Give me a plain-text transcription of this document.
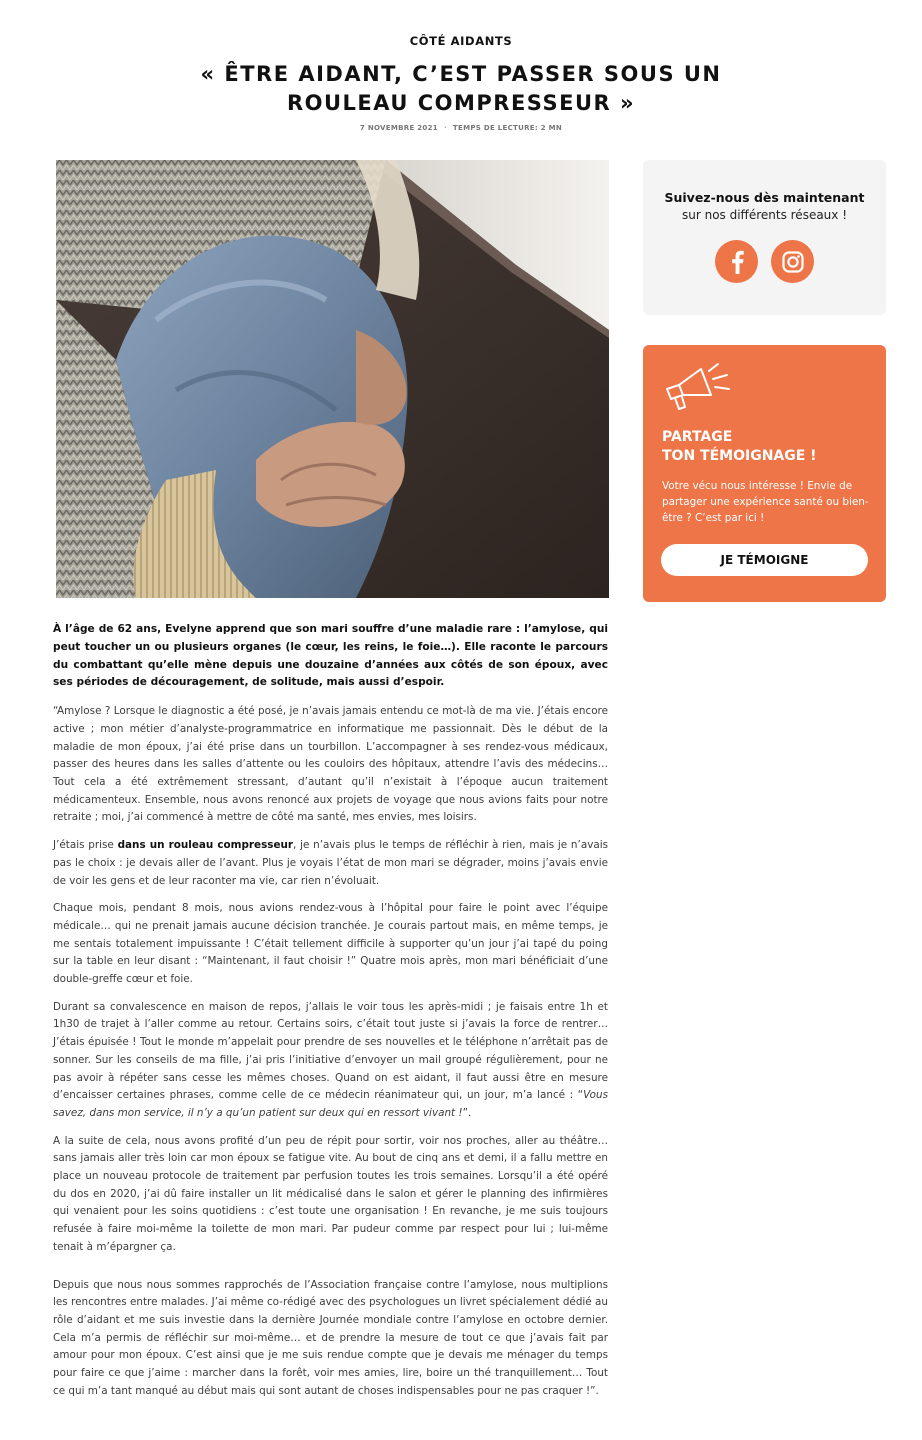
CÔTÉ AIDANTS
« ÊTRE AIDANT, C’EST PASSER SOUS UN ROULEAU COMPRESSEUR »
7 NOVEMBRE 2021 · TEMPS DE LECTURE: 2 MN

À l’âge de 62 ans, Evelyne apprend que son mari souffre d’une maladie rare : l’amylose, qui peut toucher un ou plusieurs organes (le cœur, les reins, le foie…). Elle raconte le parcours du combattant qu’elle mène depuis une douzaine d’années aux côtés de son époux, avec ses périodes de découragement, de solitude, mais aussi d’espoir.

“Amylose ? Lorsque le diagnostic a été posé, je n’avais jamais entendu ce mot-là de ma vie. J’étais encore active ; mon métier d’analyste-programmatrice en informatique me passionnait. Dès le début de la maladie de mon époux, j’ai été prise dans un tourbillon. L’accompagner à ses rendez-vous médicaux, passer des heures dans les salles d’attente ou les couloirs des hôpitaux, attendre l’avis des médecins… Tout cela a été extrêmement stressant, d’autant qu’il n’existait à l’époque aucun traitement médicamenteux. Ensemble, nous avons renoncé aux projets de voyage que nous avions faits pour notre retraite ; moi, j’ai commencé à mettre de côté ma santé, mes envies, mes loisirs.

J’étais prise dans un rouleau compresseur, je n’avais plus le temps de réfléchir à rien, mais je n’avais pas le choix : je devais aller de l’avant. Plus je voyais l’état de mon mari se dégrader, moins j’avais envie de voir les gens et de leur raconter ma vie, car rien n’évoluait.

Chaque mois, pendant 8 mois, nous avions rendez-vous à l’hôpital pour faire le point avec l’équipe médicale… qui ne prenait jamais aucune décision tranchée. Je courais partout mais, en même temps, je me sentais totalement impuissante ! C’était tellement difficile à supporter qu’un jour j’ai tapé du poing sur la table en leur disant : “Maintenant, il faut choisir !” Quatre mois après, mon mari bénéficiait d’une double-greffe cœur et foie.

Durant sa convalescence en maison de repos, j’allais le voir tous les après-midi ; je faisais entre 1h et 1h30 de trajet à l’aller comme au retour. Certains soirs, c’était tout juste si j’avais la force de rentrer… J’étais épuisée ! Tout le monde m’appelait pour prendre de ses nouvelles et le téléphone n’arrêtait pas de sonner. Sur les conseils de ma fille, j’ai pris l’initiative d’envoyer un mail groupé régulièrement, pour ne pas avoir à répéter sans cesse les mêmes choses. Quand on est aidant, il faut aussi être en mesure d’encaisser certaines phrases, comme celle de ce médecin réanimateur qui, un jour, m’a lancé : “Vous savez, dans mon service, il n’y a qu’un patient sur deux qui en ressort vivant !”.

A la suite de cela, nous avons profité d’un peu de répit pour sortir, voir nos proches, aller au théâtre… sans jamais aller très loin car mon époux se fatigue vite. Au bout de cinq ans et demi, il a fallu mettre en place un nouveau protocole de traitement par perfusion toutes les trois semaines. Lorsqu’il a été opéré du dos en 2020, j’ai dû faire installer un lit médicalisé dans le salon et gérer le planning des infirmières qui venaient pour les soins quotidiens : c’est toute une organisation ! En revanche, je me suis toujours refusée à faire moi-même la toilette de mon mari. Par pudeur comme par respect pour lui ; lui-même tenait à m’épargner ça.

Depuis que nous nous sommes rapprochés de l’Association française contre l’amylose, nous multiplions les rencontres entre malades. J’ai même co-rédigé avec des psychologues un livret spécialement dédié au rôle d’aidant et me suis investie dans la dernière Journée mondiale contre l’amylose en octobre dernier. Cela m’a permis de réfléchir sur moi-même… et de prendre la mesure de tout ce que j’avais fait par amour pour mon époux. C’est ainsi que je me suis rendue compte que je devais me ménager du temps pour faire ce que j’aime : marcher dans la forêt, voir mes amies, lire, boire un thé tranquillement… Tout ce qui m’a tant manqué au début mais qui sont autant de choses indispensables pour ne pas craquer !”.

Suivez-nous dès maintenant
sur nos différents réseaux !
PARTAGE
TON TÉMOIGNAGE !
Votre vécu nous intéresse ! Envie de partager une expérience santé ou bien-être ? C’est par ici !
JE TÉMOIGNE
